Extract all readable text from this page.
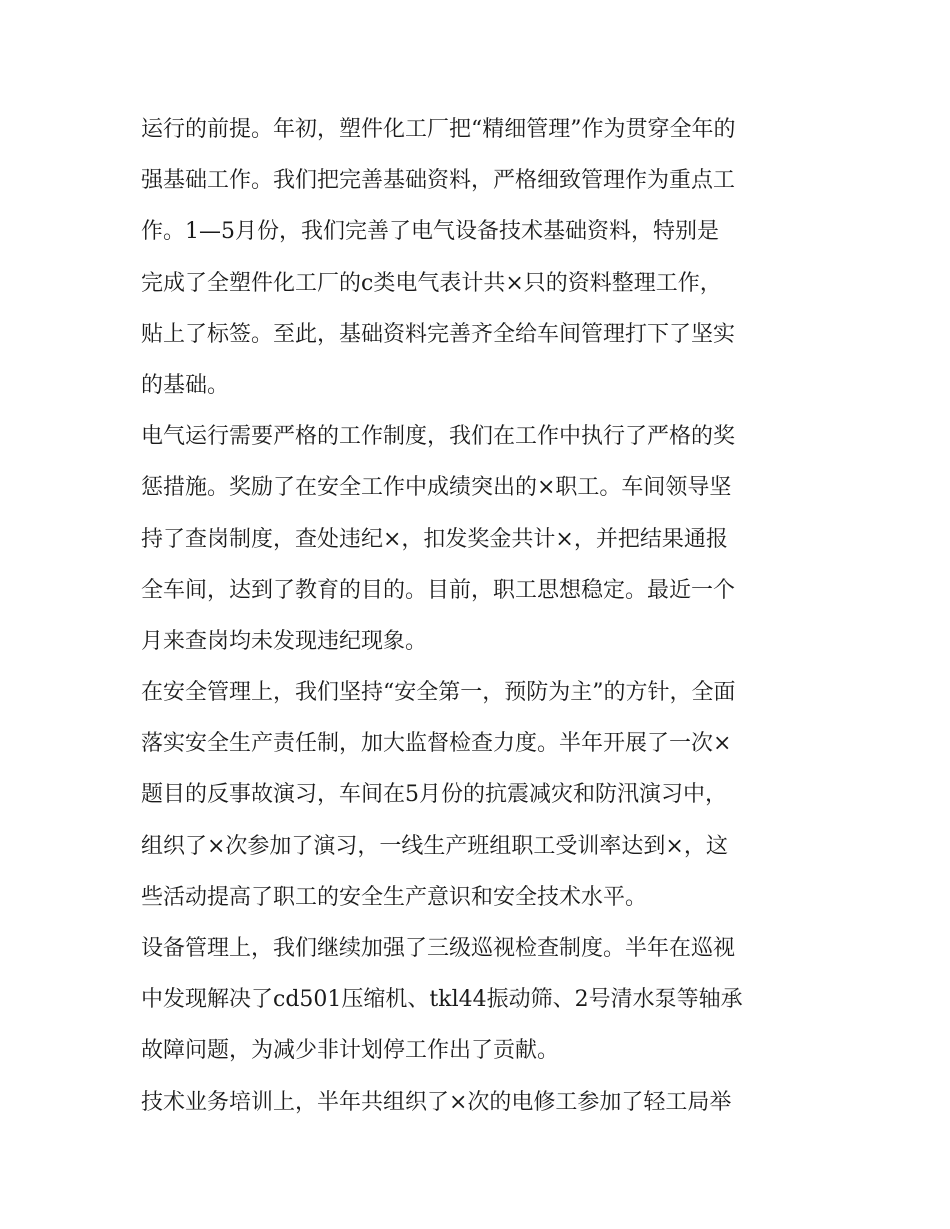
运行的前提。年初，塑件化工厂把“精细管理”作为贯穿全年的
强基础工作。我们把完善基础资料，严格细致管理作为重点工
作。1—5月份，我们完善了电气设备技术基础资料，特别是
完成了全塑件化工厂的c类电气表计共×只的资料整理工作，
贴上了标签。至此，基础资料完善齐全给车间管理打下了坚实
的基础。
电气运行需要严格的工作制度，我们在工作中执行了严格的奖
惩措施。奖励了在安全工作中成绩突出的×职工。车间领导坚
持了查岗制度，查处违纪×，扣发奖金共计×，并把结果通报
全车间，达到了教育的目的。目前，职工思想稳定。最近一个
月来查岗均未发现违纪现象。
在安全管理上，我们坚持“安全第一，预防为主”的方针，全面
落实安全生产责任制，加大监督检查力度。半年开展了一次×
题目的反事故演习，车间在5月份的抗震减灾和防汛演习中，
组织了×次参加了演习，一线生产班组职工受训率达到×，这
些活动提高了职工的安全生产意识和安全技术水平。
设备管理上，我们继续加强了三级巡视检查制度。半年在巡视
中发现解决了cd501压缩机、tkl44振动筛、2号清水泵等轴承
故障问题，为减少非计划停工作出了贡献。
技术业务培训上，半年共组织了×次的电修工参加了轻工局举
